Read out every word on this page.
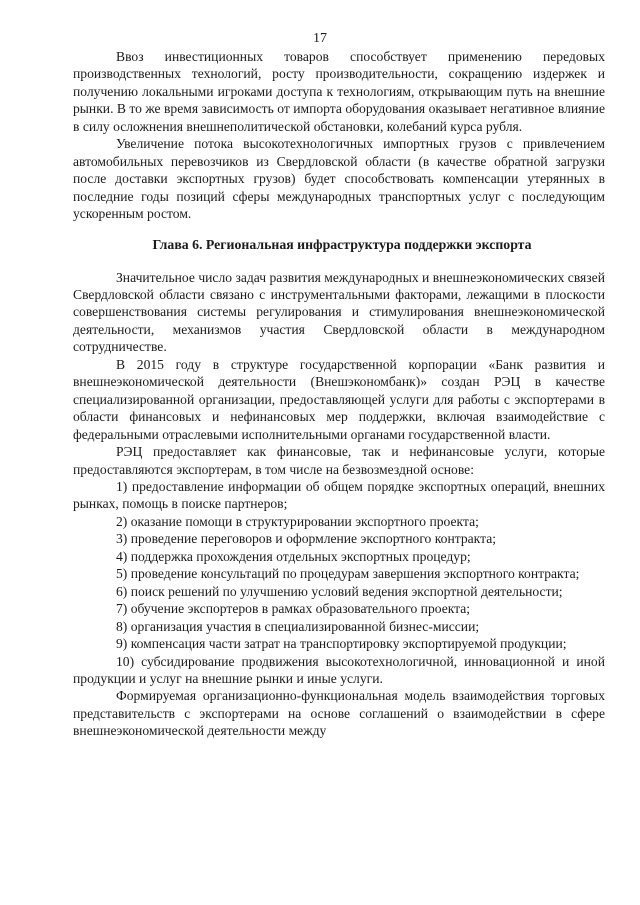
17

Ввоз инвестиционных товаров способствует применению передовых производственных технологий, росту производительности, сокращению издержек и получению локальными игроками доступа к технологиям, открывающим путь на внешние рынки. В то же время зависимость от импорта оборудования оказывает негативное влияние в силу осложнения внешнеполитической обстановки, колебаний курса рубля.

Увеличение потока высокотехнологичных импортных грузов с привлечением автомобильных перевозчиков из Свердловской области (в качестве обратной загрузки после доставки экспортных грузов) будет способствовать компенсации утерянных в последние годы позиций сферы международных транспортных услуг с последующим ускоренным ростом.

Глава 6. Региональная инфраструктура поддержки экспорта

Значительное число задач развития международных и внешнеэкономических связей Свердловской области связано с инструментальными факторами, лежащими в плоскости совершенствования системы регулирования и стимулирования внешнеэкономической деятельности, механизмов участия Свердловской области в международном сотрудничестве.

В 2015 году в структуре государственной корпорации «Банк развития и внешнеэкономической деятельности (Внешэкономбанк)» создан РЭЦ в качестве специализированной организации, предоставляющей услуги для работы с экспортерами в области финансовых и нефинансовых мер поддержки, включая взаимодействие с федеральными отраслевыми исполнительными органами государственной власти.

РЭЦ предоставляет как финансовые, так и нефинансовые услуги, которые предоставляются экспортерам, в том числе на безвозмездной основе:

1) предоставление информации об общем порядке экспортных операций, внешних рынках, помощь в поиске партнеров;

2) оказание помощи в структурировании экспортного проекта;

3) проведение переговоров и оформление экспортного контракта;

4) поддержка прохождения отдельных экспортных процедур;

5) проведение консультаций по процедурам завершения экспортного контракта;

6) поиск решений по улучшению условий ведения экспортной деятельности;

7) обучение экспортеров в рамках образовательного проекта;

8) организация участия в специализированной бизнес-миссии;

9) компенсация части затрат на транспортировку экспортируемой продукции;

10) субсидирование продвижения высокотехнологичной, инновационной и иной продукции и услуг на внешние рынки и иные услуги.

Формируемая организационно-функциональная модель взаимодействия торговых представительств с экспортерами на основе соглашений о взаимодействии в сфере внешнеэкономической деятельности между
